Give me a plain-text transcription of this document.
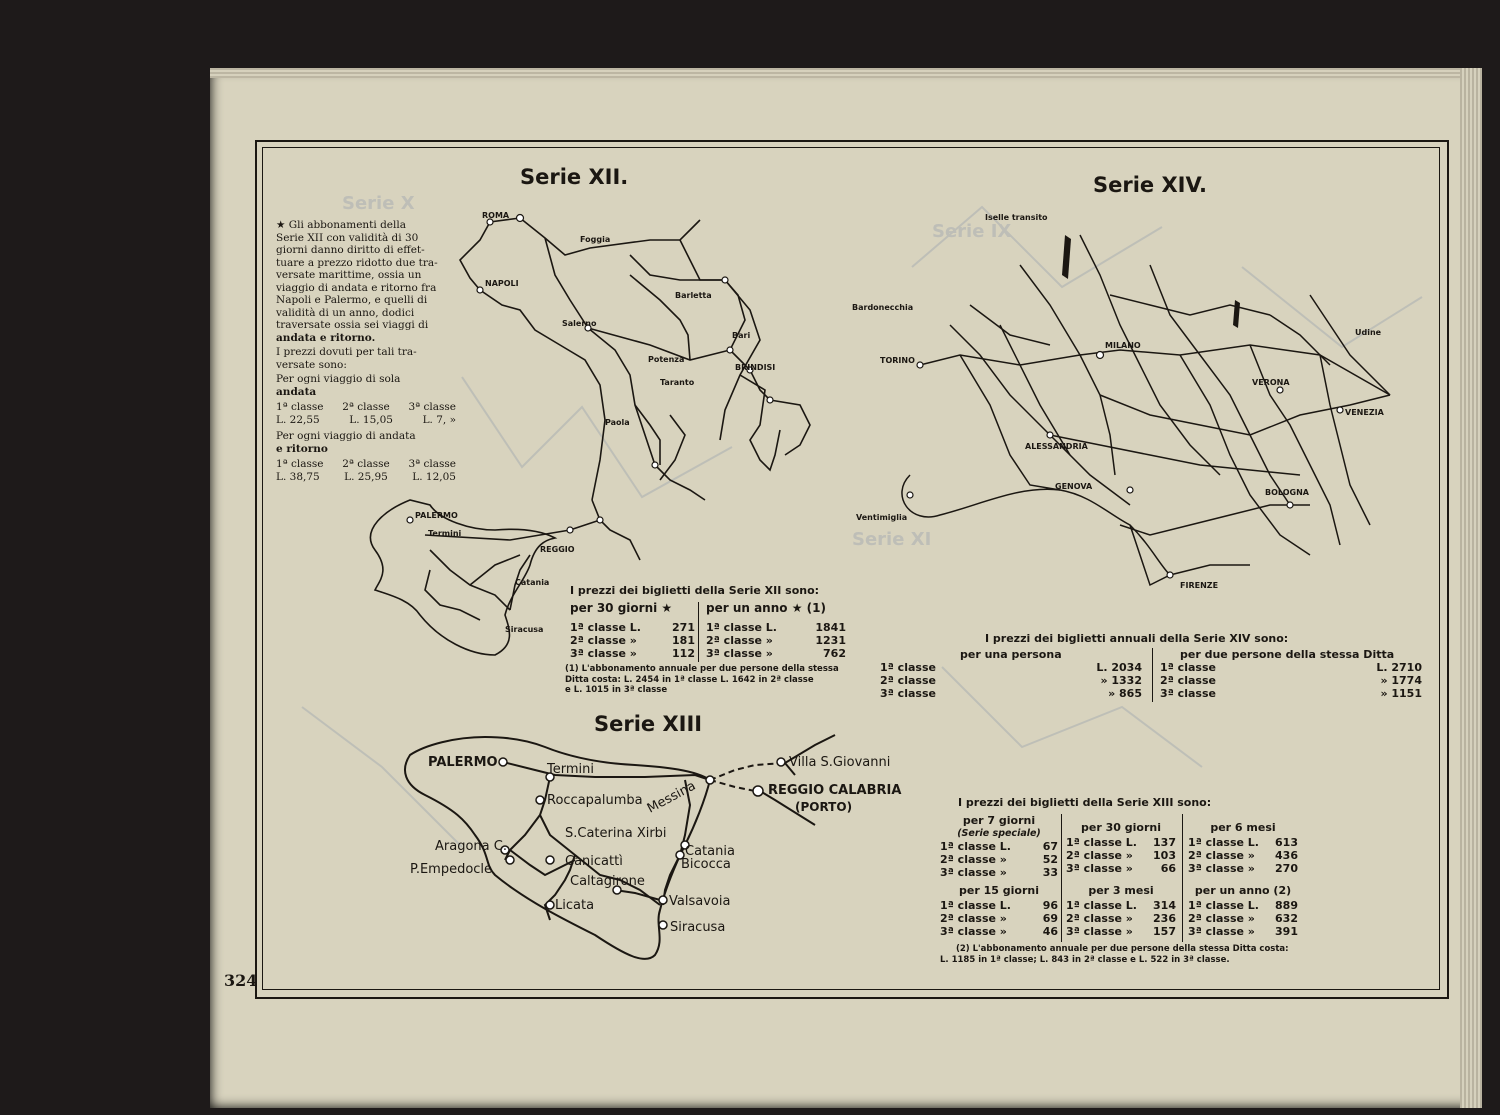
Serie X
Serie IX
Serie XI
Serie XII.
★ Gli abbonamenti della
Serie XII con validità di 30
giorni danno diritto di effet-
tuare a prezzo ridotto due tra-
versate marittime, ossia un
viaggio di andata e ritorno fra
Napoli e Palermo, e quelli di
validità di un anno, dodici
traversate ossia sei viaggi di
andata e ritorno.
I prezzi dovuti per tali tra-
versate sono:
Per ogni viaggio di sola
andata
1ª classe 2ª classe 3ª classe
L. 22,55	L. 15,05	L. 7, »
Per ogni viaggio di andata
e ritorno
1ª classe 2ª classe 3ª classe
L. 38,75 L. 25,95 L. 12,05
ROMA
Foggia
NAPOLI
Salerno
Barletta
Bari
Potenza
Taranto
BRINDISI
Paola
PALERMO
Termini
REGGIO
Catania
Siracusa
I prezzi dei biglietti della Serie XII sono:
per 30 giorni ★
1ª classe L.	271
2ª classe »	181
3ª classe »	112
per un anno ★ (1)
1ª classe L.	1841
2ª classe »	1231
3ª classe »	762
(1) L'abbonamento annuale per due persone della stessa
Ditta costa: L. 2454 in 1ª classe L. 1642 in 2ª classe
e L. 1015 in 3ª classe
Serie XIV.
TORINO
MILANO
ALESSANDRIA
GENOVA
VERONA
VENEZIA
BOLOGNA
FIRENZE
Ventimiglia
Udine
Iselle transito
Bardonecchia
I prezzi dei biglietti annuali della Serie XIV sono:
per una persona
1ª classe	L. 2034
2ª classe	» 1332
3ª classe	» 865
per due persone della stessa Ditta
1ª classe	L. 2710
2ª classe	» 1774
3ª classe	» 1151
Serie XIII
PALERMO	Termini
Messina
Villa S.Giovanni
REGGIO CALABRIA
(PORTO)
Roccapalumba
S.Caterina Xirbi
Catania
Aragona C.
P.Empedocle
Canicattì	Bicocca
Caltagirone
Valsavoia
Licata
Siracusa
I prezzi dei biglietti della Serie XIII sono:
per 7 giorni
(Serie speciale)
1ª classe L.	67
2ª classe »	52
3ª classe »	33
per 30 giorni
1ª classe L. 137
2ª classe » 103
3ª classe »	66
per 6 mesi
1ª classe L. 613
2ª classe » 436
3ª classe » 270
per 15 giorni
1ª classe L.	96
2ª classe »	69
3ª classe »	46
per 3 mesi
1ª classe L. 314
2ª classe » 236
3ª classe » 157
per un anno (2)
1ª classe L. 889
2ª classe » 632
3ª classe » 391
(2) L'abbonamento annuale per due persone della stessa Ditta costa:
L. 1185 in 1ª classe; L. 843 in 2ª classe e L. 522 in 3ª classe.
324
